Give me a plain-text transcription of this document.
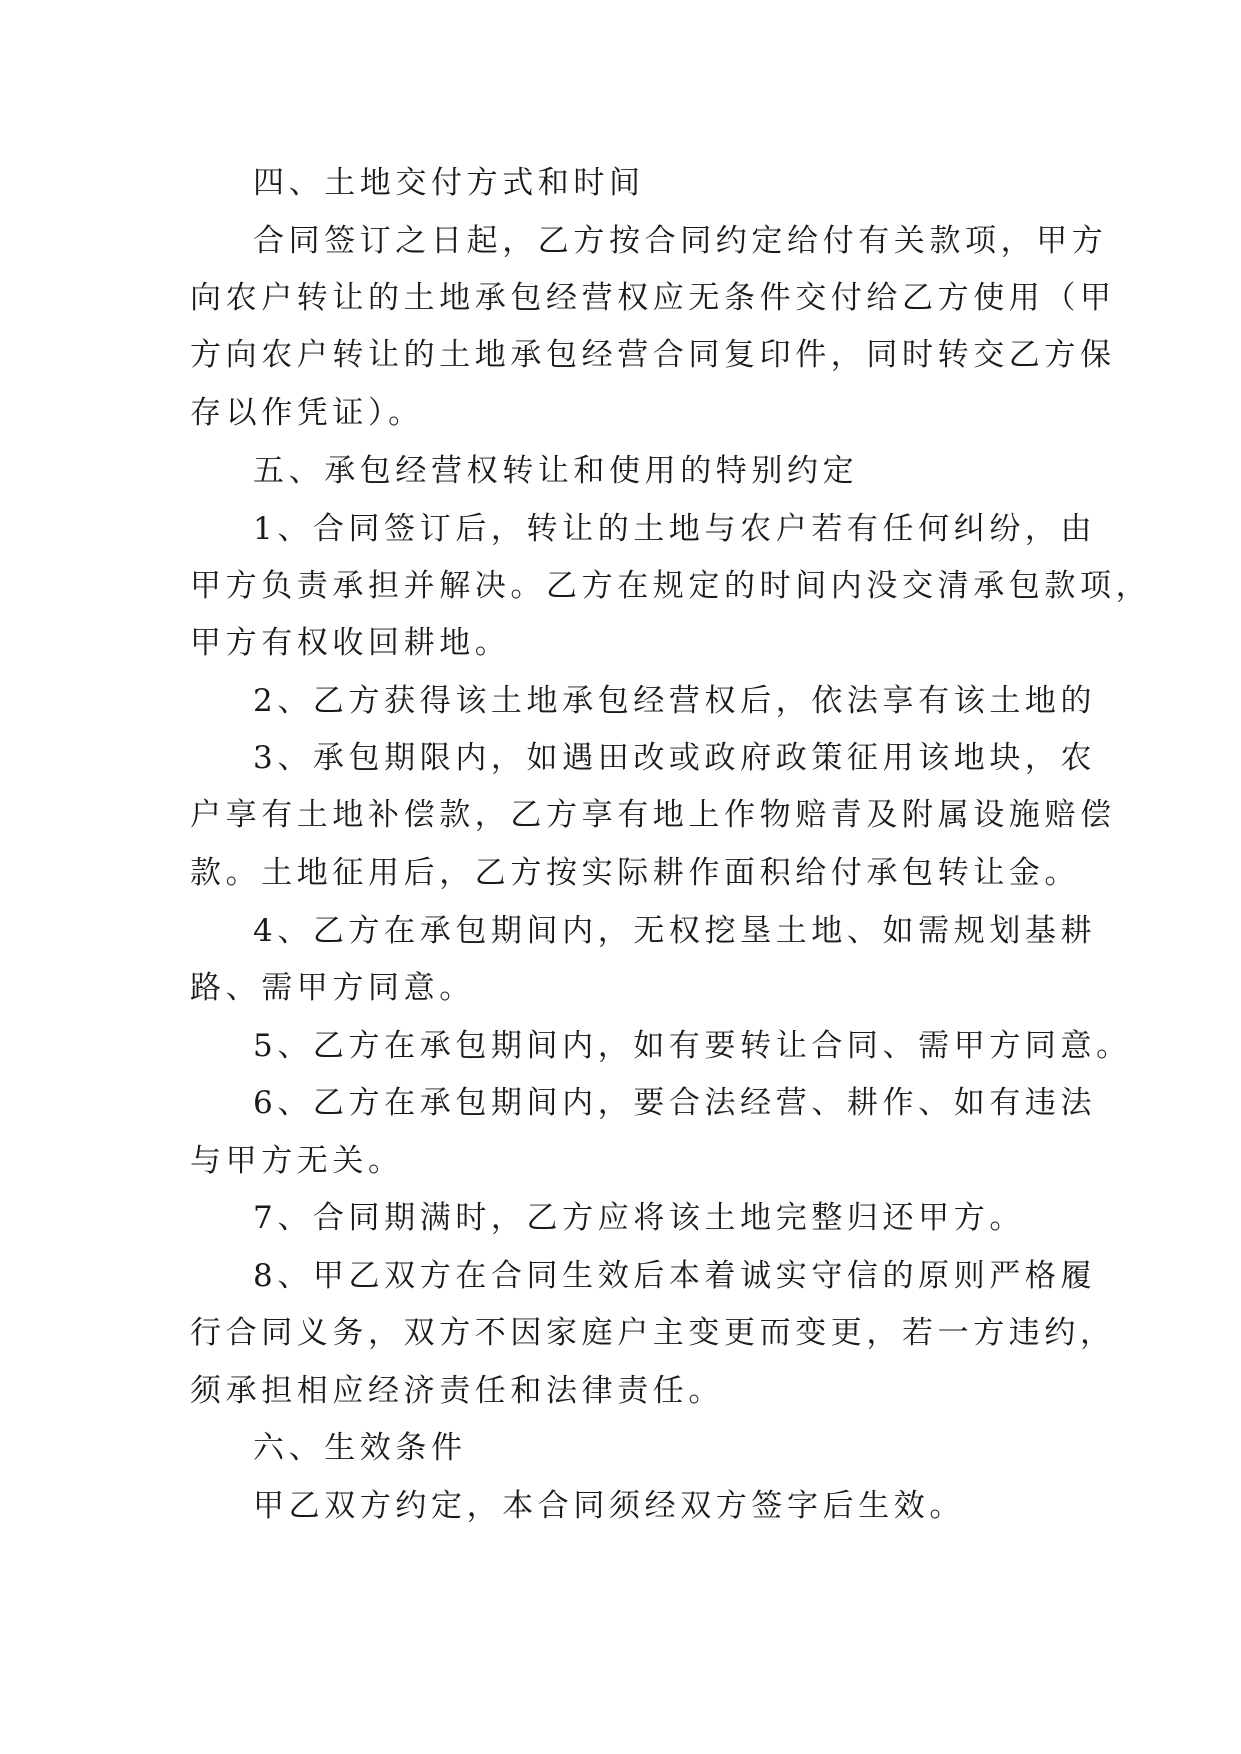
四、土地交付方式和时间

合同签订之日起，乙方按合同约定给付有关款项，甲方

向农户转让的土地承包经营权应无条件交付给乙方使用（甲

方向农户转让的土地承包经营合同复印件，同时转交乙方保

存以作凭证）。

五、承包经营权转让和使用的特别约定

1、合同签订后，转让的土地与农户若有任何纠纷，由

甲方负责承担并解决。乙方在规定的时间内没交清承包款项，

甲方有权收回耕地。

2、乙方获得该土地承包经营权后，依法享有该土地的

3、承包期限内，如遇田改或政府政策征用该地块，农

户享有土地补偿款，乙方享有地上作物赔青及附属设施赔偿

款。土地征用后，乙方按实际耕作面积给付承包转让金。

4、乙方在承包期间内，无权挖垦土地、如需规划基耕

路、需甲方同意。

5、乙方在承包期间内，如有要转让合同、需甲方同意。

6、乙方在承包期间内，要合法经营、耕作、如有违法

与甲方无关。

7、合同期满时，乙方应将该土地完整归还甲方。

8、甲乙双方在合同生效后本着诚实守信的原则严格履

行合同义务，双方不因家庭户主变更而变更，若一方违约，

须承担相应经济责任和法律责任。

六、生效条件

甲乙双方约定，本合同须经双方签字后生效。
